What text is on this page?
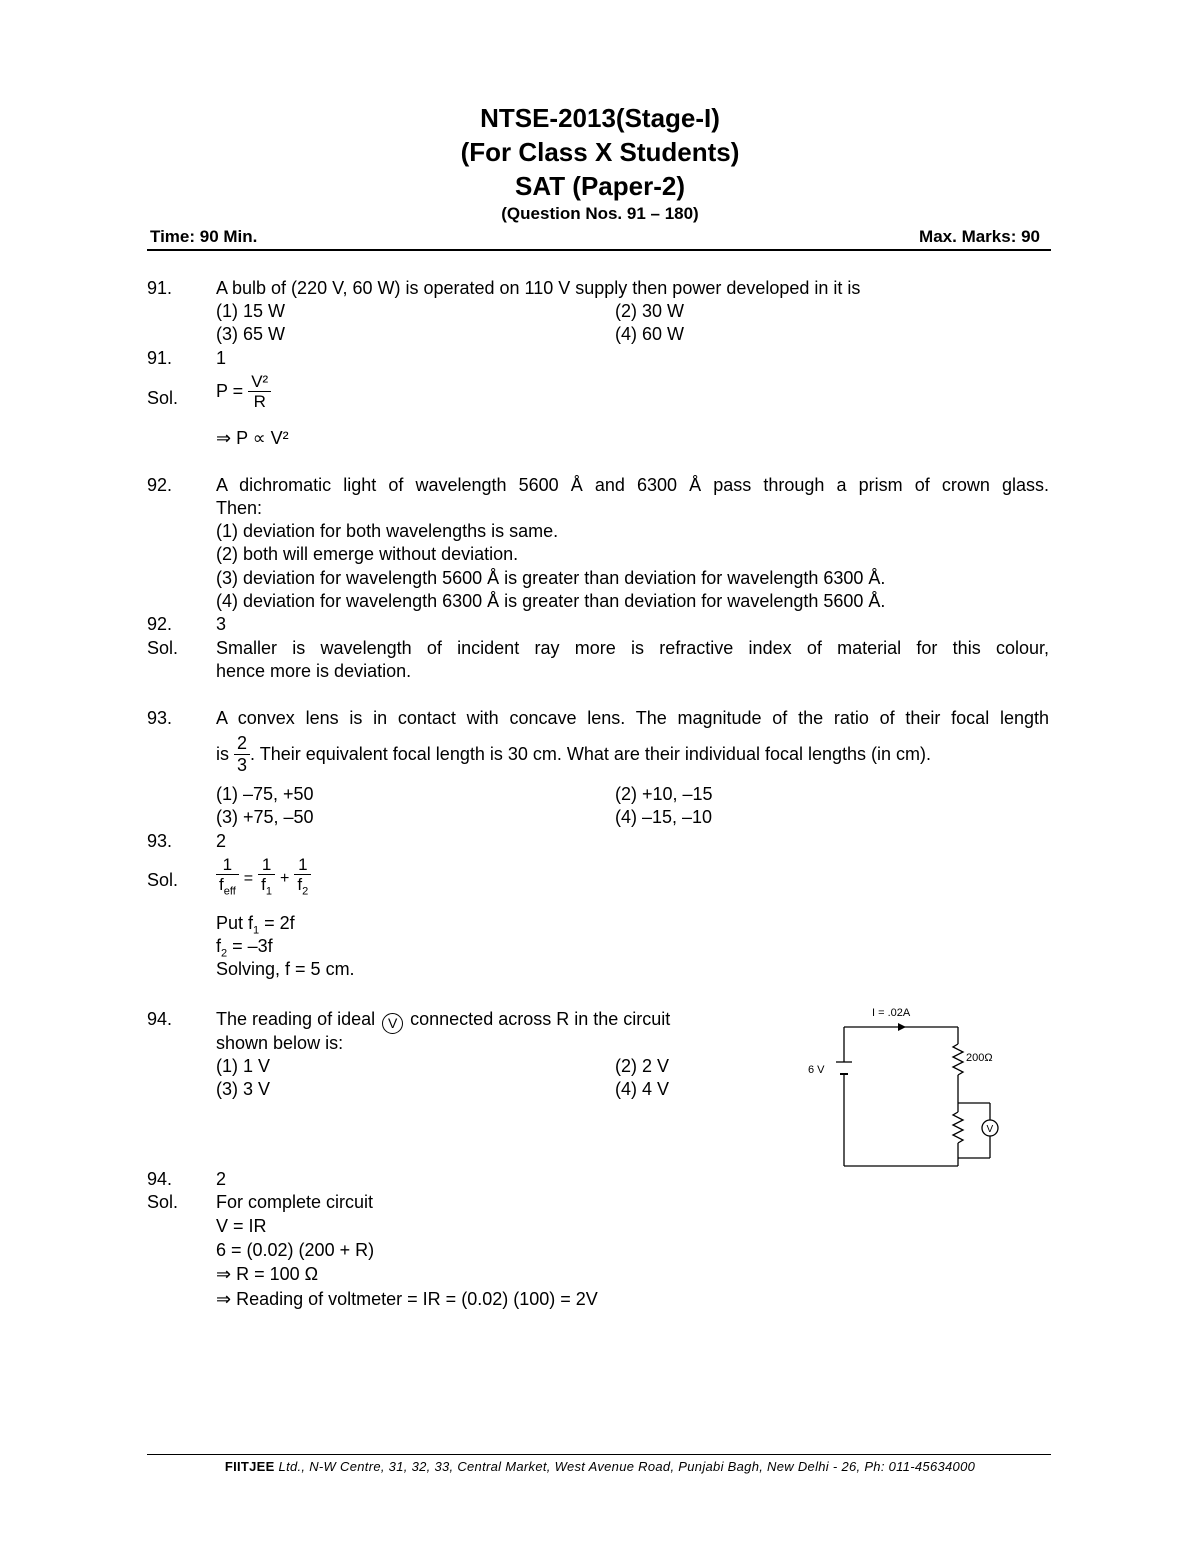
NTSE-2013(Stage-I)
(For Class X Students)
SAT (Paper-2)
(Question Nos. 91 – 180)
Time: 90 Min.	Max. Marks: 90
91. A bulb of (220 V, 60 W) is operated on 110 V supply then power developed in it is
(1) 15 W	(2) 30 W
(3) 65 W	(4) 60 W
91. 1
Sol. $P = \frac{\text{V²}}{R}$
⇒ P ∝ V²
92. A dichromatic light of wavelength 5600 Å and 6300 Å pass through a prism of crown glass.
Then:
(1) deviation for both wavelengths is same.
(2) both will emerge without deviation.
(3) deviation for wavelength 5600 Å is greater than deviation for wavelength 6300 Å.
(4) deviation for wavelength 6300 Å is greater than deviation for wavelength 5600 Å.
92. 3
Sol. Smaller is wavelength of incident ray more is refractive index of material for this colour,
hence more is deviation.
93. A convex lens is in contact with concave lens. The magnitude of the ratio of their focal length
is $\frac{2}{3}$ . Their equivalent focal length is 30 cm. What are their individual focal lengths (in cm).
(1) –75, +50	(2) +10, –15
(3) +75, –50	(4) –15, –10
93. 2
Sol. $\frac{1}{f_{eff}} = \frac{1}{f_1} + \frac{1}{f_2}$
Put $f_1 = 2f$
$f_2 = -3f$
Solving, f = 5 cm.
94. The reading of ideal V connected across R in the circuit
shown below is:
(1) 1 V	(2) 2 V
(3) 3 V	(4) 4 V
I = .02A
6 V
200Ω
V
94. 2
Sol. For complete circuit
V = IR
6 = (0.02) (200 + R)
⇒ R = 100 Ω
⇒ Reading of voltmeter = IR = (0.02) (100) = 2V
FIITJEE Ltd., N-W Centre, 31, 32, 33, Central Market, West Avenue Road, Punjabi Bagh, New Delhi - 26, Ph: 011-45634000
